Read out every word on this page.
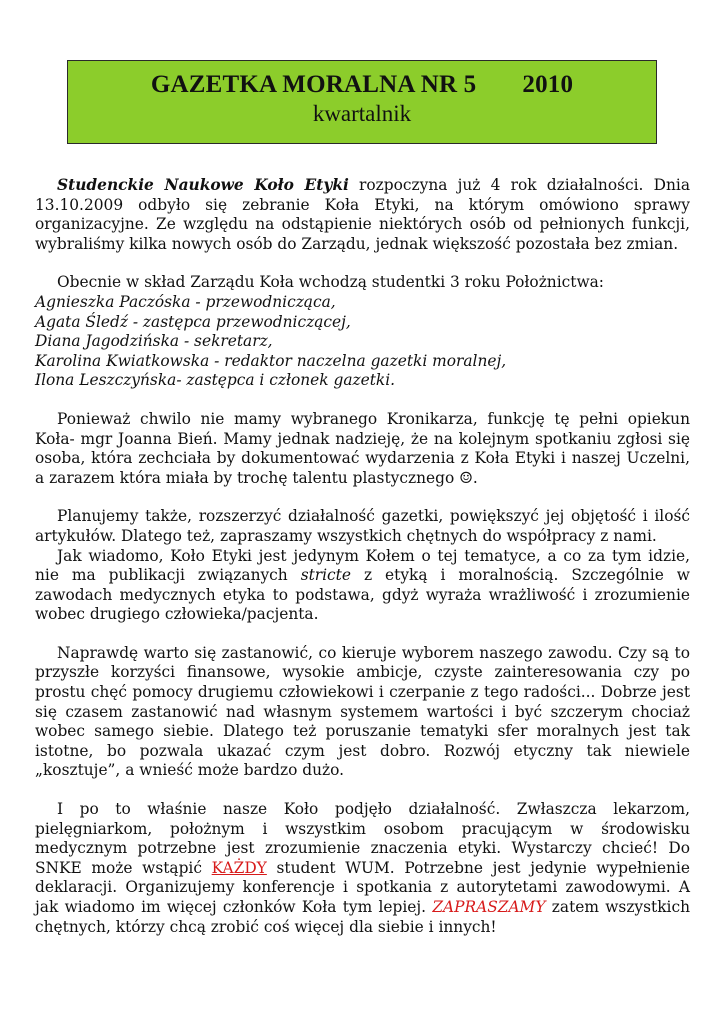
GAZETKA MORALNA NR 5 2010
kwartalnik

Studenckie Naukowe Koło Etyki rozpoczyna już 4 rok działalności. Dnia 13.10.2009 odbyło się zebranie Koła Etyki, na którym omówiono sprawy organizacyjne. Ze względu na odstąpienie niektórych osób od pełnionych funkcji, wybraliśmy kilka nowych osób do Zarządu, jednak większość pozostała bez zmian.

Obecnie w skład Zarządu Koła wchodzą studentki 3 roku Położnictwa:
Agnieszka Paczóska - przewodnicząca,
Agata Śledź - zastępca przewodniczącej,
Diana Jagodzińska - sekretarz,
Karolina Kwiatkowska - redaktor naczelna gazetki moralnej,
Ilona Leszczyńska- zastępca i członek gazetki.

Ponieważ chwilo nie mamy wybranego Kronikarza, funkcję tę pełni opiekun Koła- mgr Joanna Bień. Mamy jednak nadzieję, że na kolejnym spotkaniu zgłosi się osoba, która zechciała by dokumentować wydarzenia z Koła Etyki i naszej Uczelni, a zarazem która miała by trochę talentu plastycznego ☺.

Planujemy także, rozszerzyć działalność gazetki, powiększyć jej objętość i ilość artykułów. Dlatego też, zapraszamy wszystkich chętnych do współpracy z nami.

Jak wiadomo, Koło Etyki jest jedynym Kołem o tej tematyce, a co za tym idzie, nie ma publikacji związanych stricte z etyką i moralnością. Szczególnie w zawodach medycznych etyka to podstawa, gdyż wyraża wrażliwość i zrozumienie wobec drugiego człowieka/pacjenta.

Naprawdę warto się zastanowić, co kieruje wyborem naszego zawodu. Czy są to przyszłe korzyści finansowe, wysokie ambicje, czyste zainteresowania czy po prostu chęć pomocy drugiemu człowiekowi i czerpanie z tego radości... Dobrze jest się czasem zastanowić nad własnym systemem wartości i być szczerym chociaż wobec samego siebie. Dlatego też poruszanie tematyki sfer moralnych jest tak istotne, bo pozwala ukazać czym jest dobro. Rozwój etyczny tak niewiele „kosztuje”, a wnieść może bardzo dużo.

I po to właśnie nasze Koło podjęło działalność. Zwłaszcza lekarzom, pielęgniarkom, położnym i wszystkim osobom pracującym w środowisku medycznym potrzebne jest zrozumienie znaczenia etyki. Wystarczy chcieć! Do SNKE może wstąpić KAŻDY student WUM. Potrzebne jest jedynie wypełnienie deklaracji. Organizujemy konferencje i spotkania z autorytetami zawodowymi. A jak wiadomo im więcej członków Koła tym lepiej. ZAPRASZAMY zatem wszystkich chętnych, którzy chcą zrobić coś więcej dla siebie i innych!
